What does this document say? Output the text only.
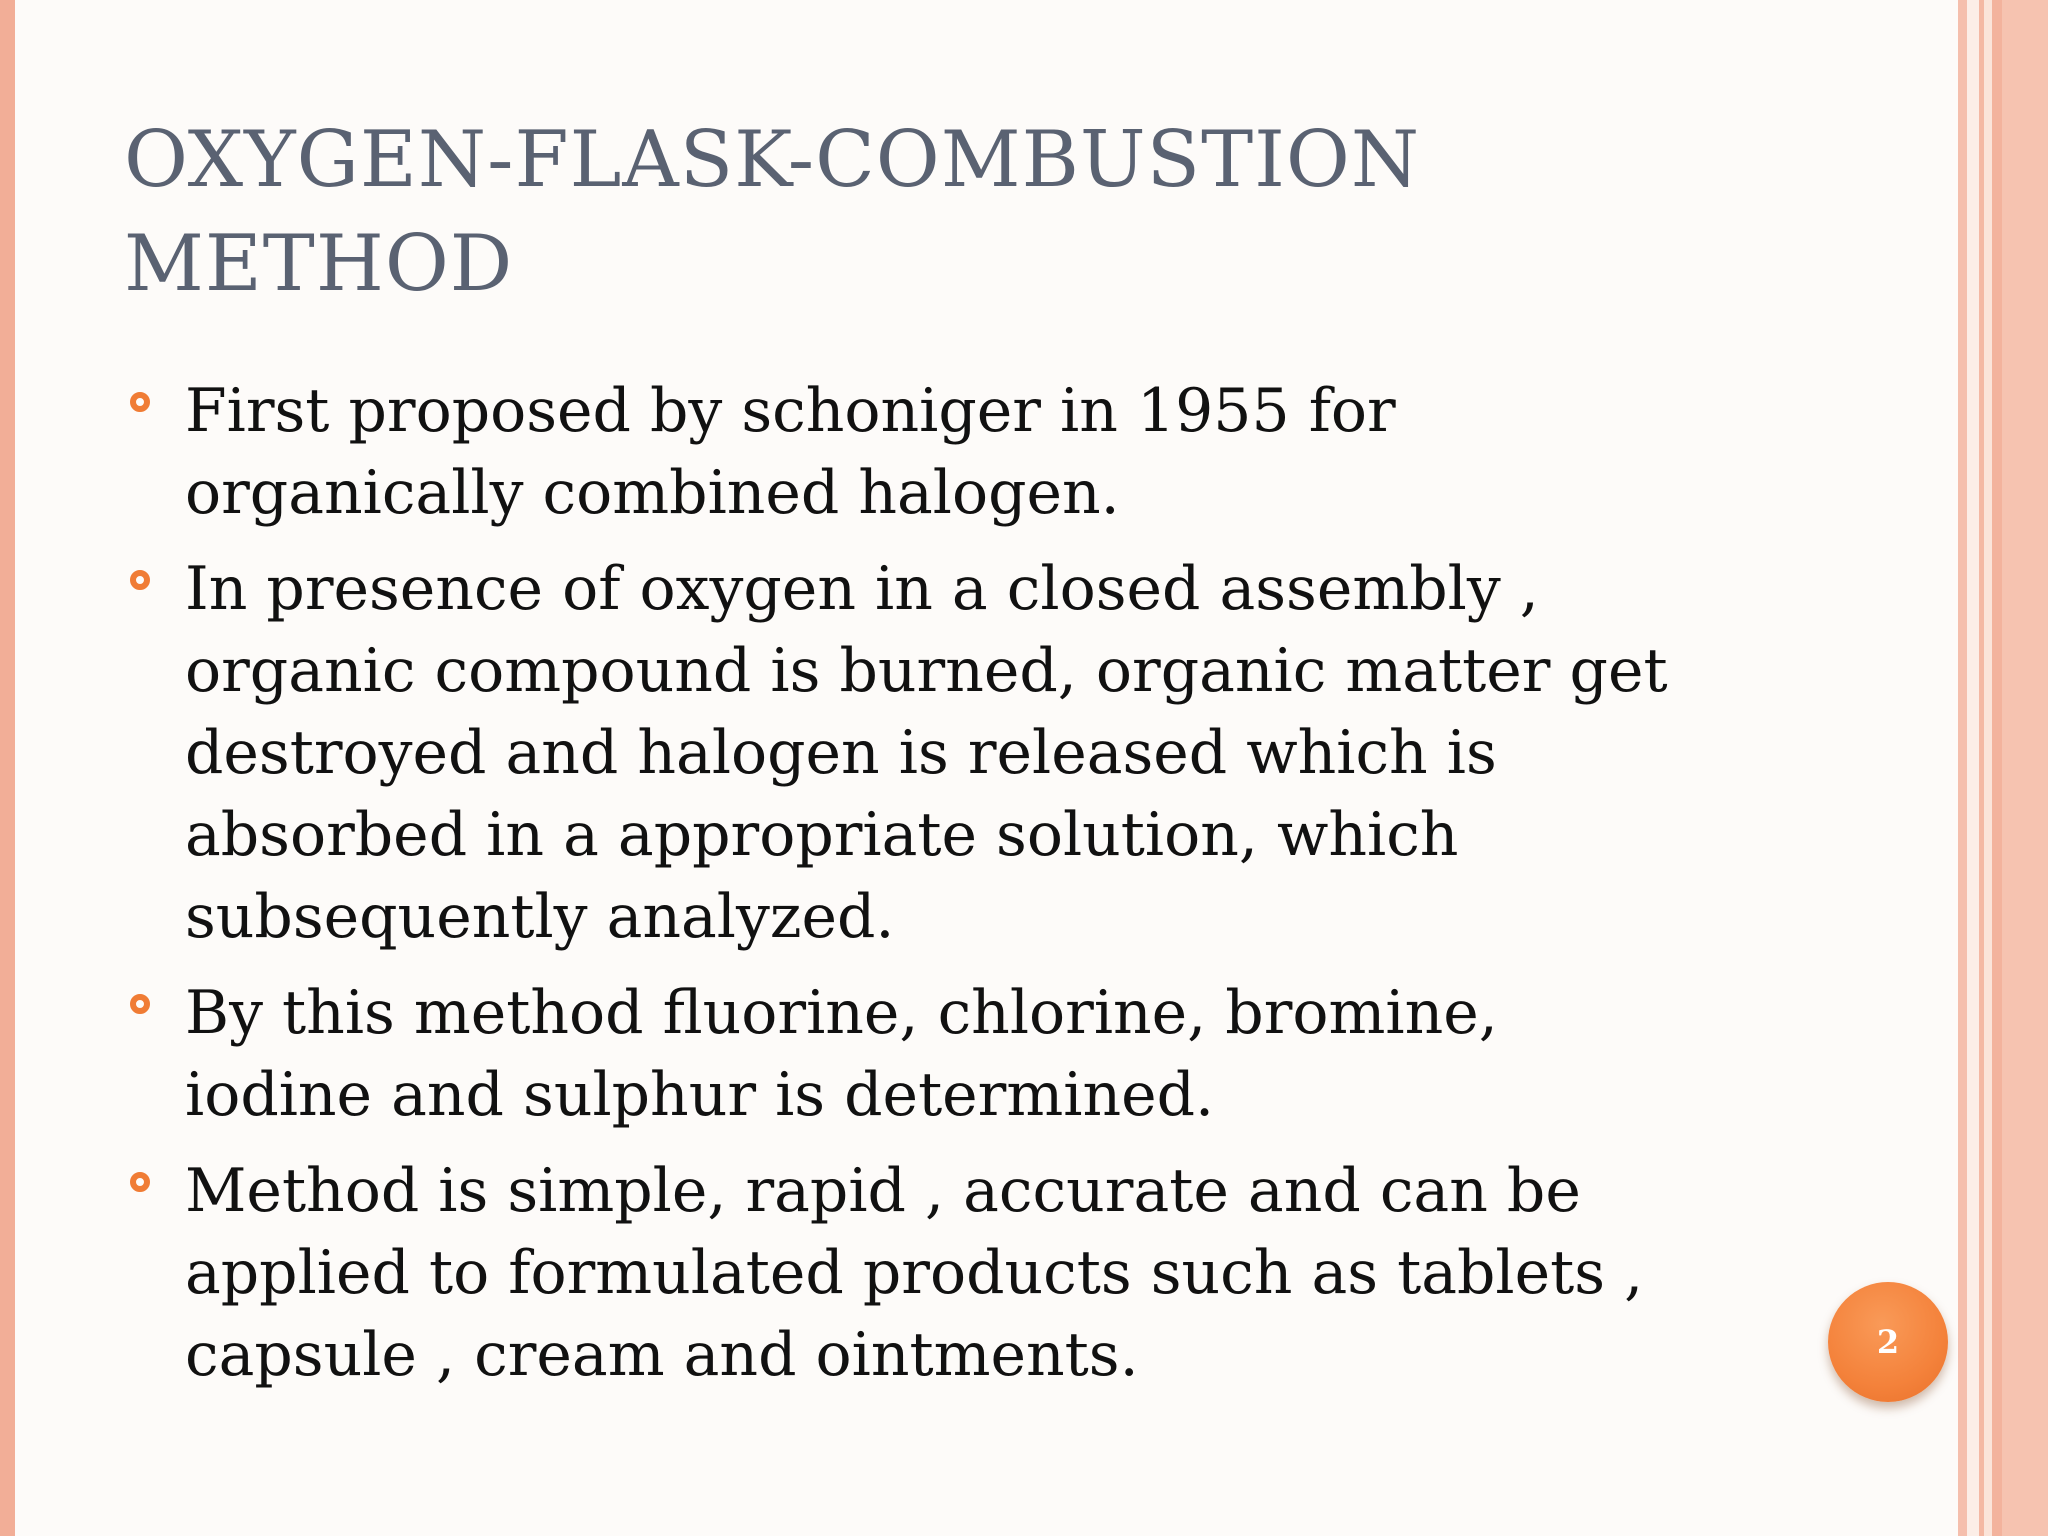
OXYGEN-FLASK-COMBUSTION
METHOD
First proposed by schoniger in 1955 for
organically combined halogen.
In presence of oxygen in a closed assembly ,
organic compound is burned, organic matter get
destroyed and halogen is released which is
absorbed in a appropriate solution, which
subsequently analyzed.
By this method fluorine, chlorine, bromine,
iodine and sulphur is determined.
Method is simple, rapid , accurate and can be
applied to formulated products such as tablets ,
capsule , cream and ointments.	2
